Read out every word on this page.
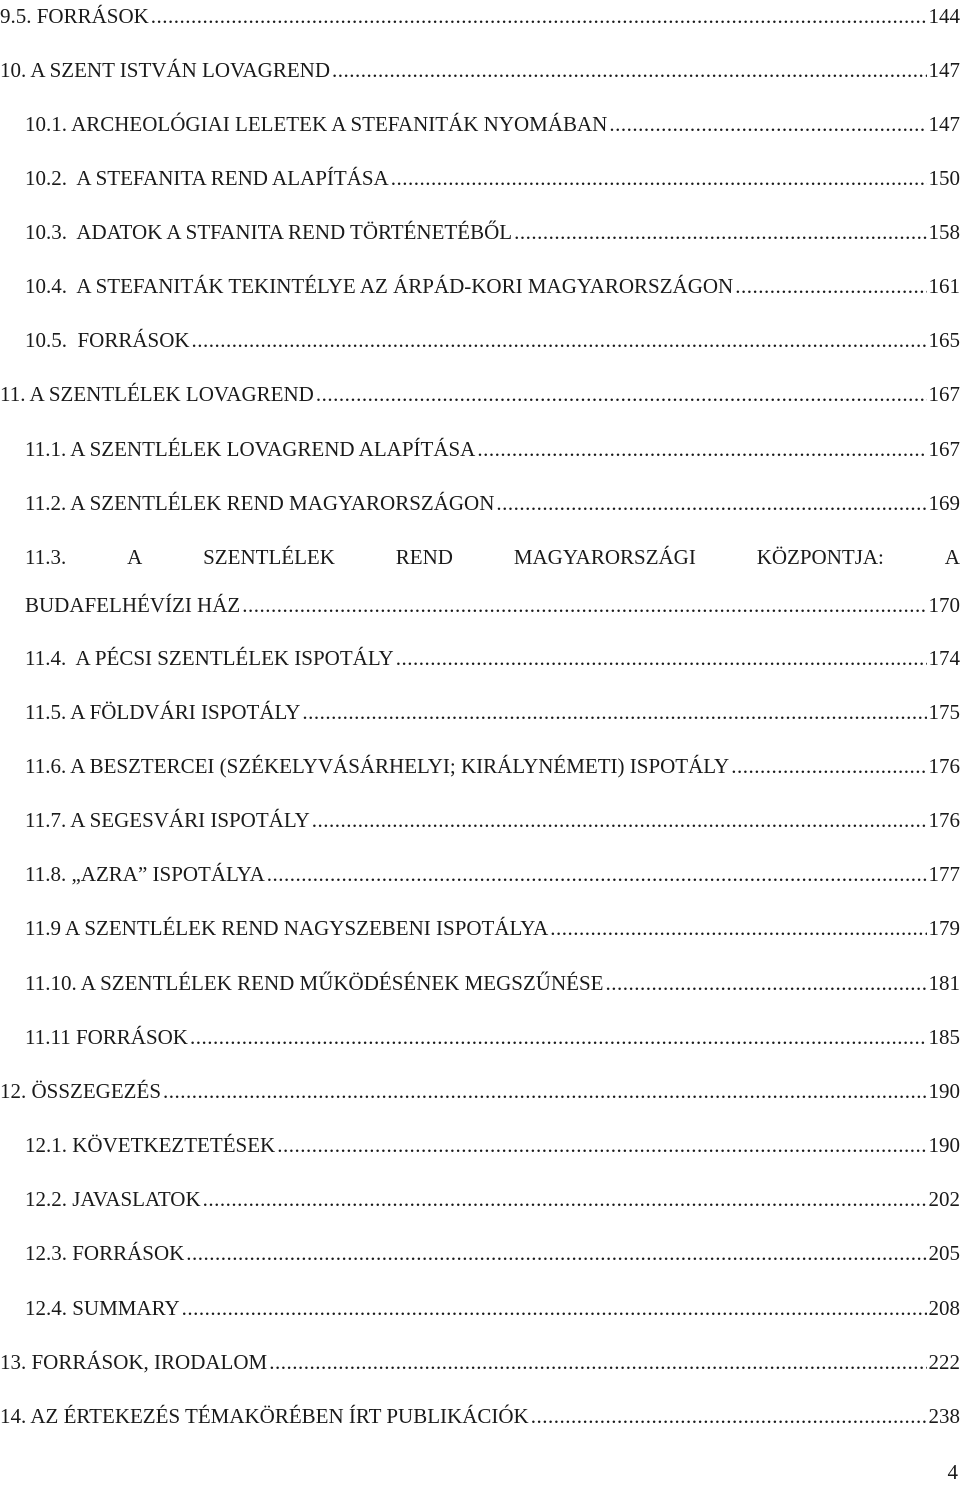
9.5. FORRÁSOK .....	144
10. A SZENT ISTVÁN LOVAGREND .....	147
10.1. ARCHEOLÓGIAI LELETEK A STEFANITÁK NYOMÁBAN .....	147
10.2.  A STEFANITA REND ALAPÍTÁSA .....	150
10.3.  ADATOK A STFANITA REND TÖRTÉNETÉBŐL .....	158
10.4.  A STEFANITÁK TEKINTÉLYE AZ ÁRPÁD-KORI MAGYARORSZÁGON .....	161
10.5.  FORRÁSOK .....	165
11. A SZENTLÉLEK LOVAGREND .....	167
11.1. A SZENTLÉLEK LOVAGREND ALAPÍTÁSA .....	167
11.2. A SZENTLÉLEK REND MAGYARORSZÁGON .....	169
11.3.	A	SZENTLÉLEK	REND	MAGYARORSZÁGI	KÖZPONTJA:	A
BUDAFELHÉVÍZI HÁZ .....	170
11.4.  A PÉCSI SZENTLÉLEK ISPOTÁLY .....	174
11.5. A FÖLDVÁRI ISPOTÁLY .....	175
11.6. A BESZTERCEI (SZÉKELYVÁSÁRHELYI; KIRÁLYNÉMETI) ISPOTÁLY .....	176
11.7. A SEGESVÁRI ISPOTÁLY .....	176
11.8. „AZRA” ISPOTÁLYA .....	177
11.9 A SZENTLÉLEK REND NAGYSZEBENI ISPOTÁLYA .....	179
11.10. A SZENTLÉLEK REND MŰKÖDÉSÉNEK MEGSZŰNÉSE .....	181
11.11 FORRÁSOK .....	185
12. ÖSSZEGEZÉS .....	190
12.1. KÖVETKEZTETÉSEK .....	190
12.2. JAVASLATOK .....	202
12.3. FORRÁSOK .....	205
12.4. SUMMARY .....	208
13. FORRÁSOK, IRODALOM .....	222
14. AZ ÉRTEKEZÉS TÉMAKÖRÉBEN ÍRT PUBLIKÁCIÓK .....	238
4
